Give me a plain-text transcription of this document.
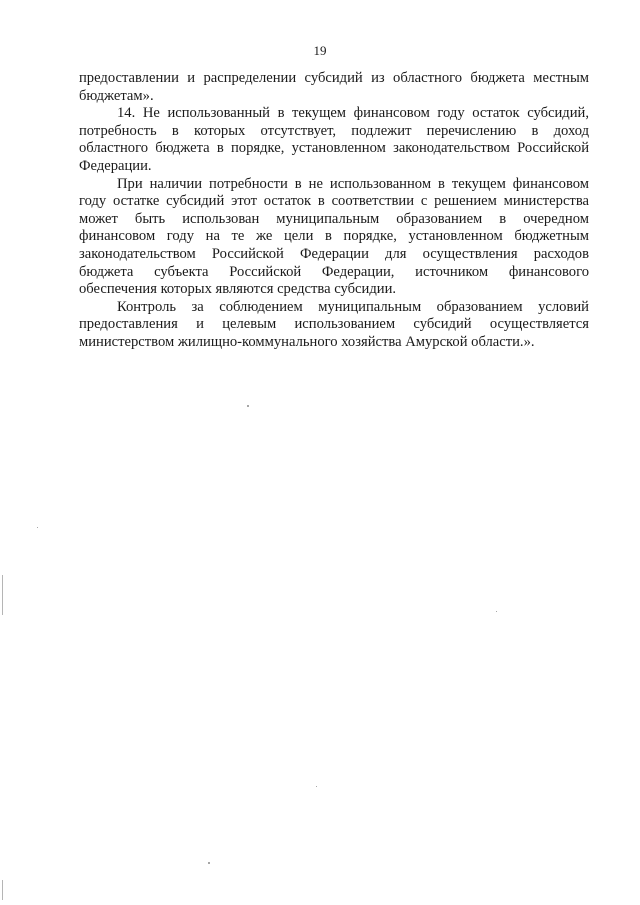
19

предоставлении и распределении субсидий из областного бюджета местным
бюджетам».

14. Не использованный в текущем финансовом году остаток субсидий,
потребность в которых отсутствует, подлежит перечислению в доход
областного бюджета в порядке, установленном законодательством Российской
Федерации.

При наличии потребности в не использованном в текущем финансовом
году остатке субсидий этот остаток в соответствии с решением министерства
может быть использован муниципальным образованием в очередном
финансовом году на те же цели в порядке, установленном бюджетным
законодательством Российской Федерации для осуществления расходов
бюджета субъекта Российской Федерации, источником финансового
обеспечения которых являются средства субсидии.

Контроль за соблюдением муниципальным образованием условий
предоставления и целевым использованием субсидий осуществляется
министерством жилищно-коммунального хозяйства Амурской области.».
